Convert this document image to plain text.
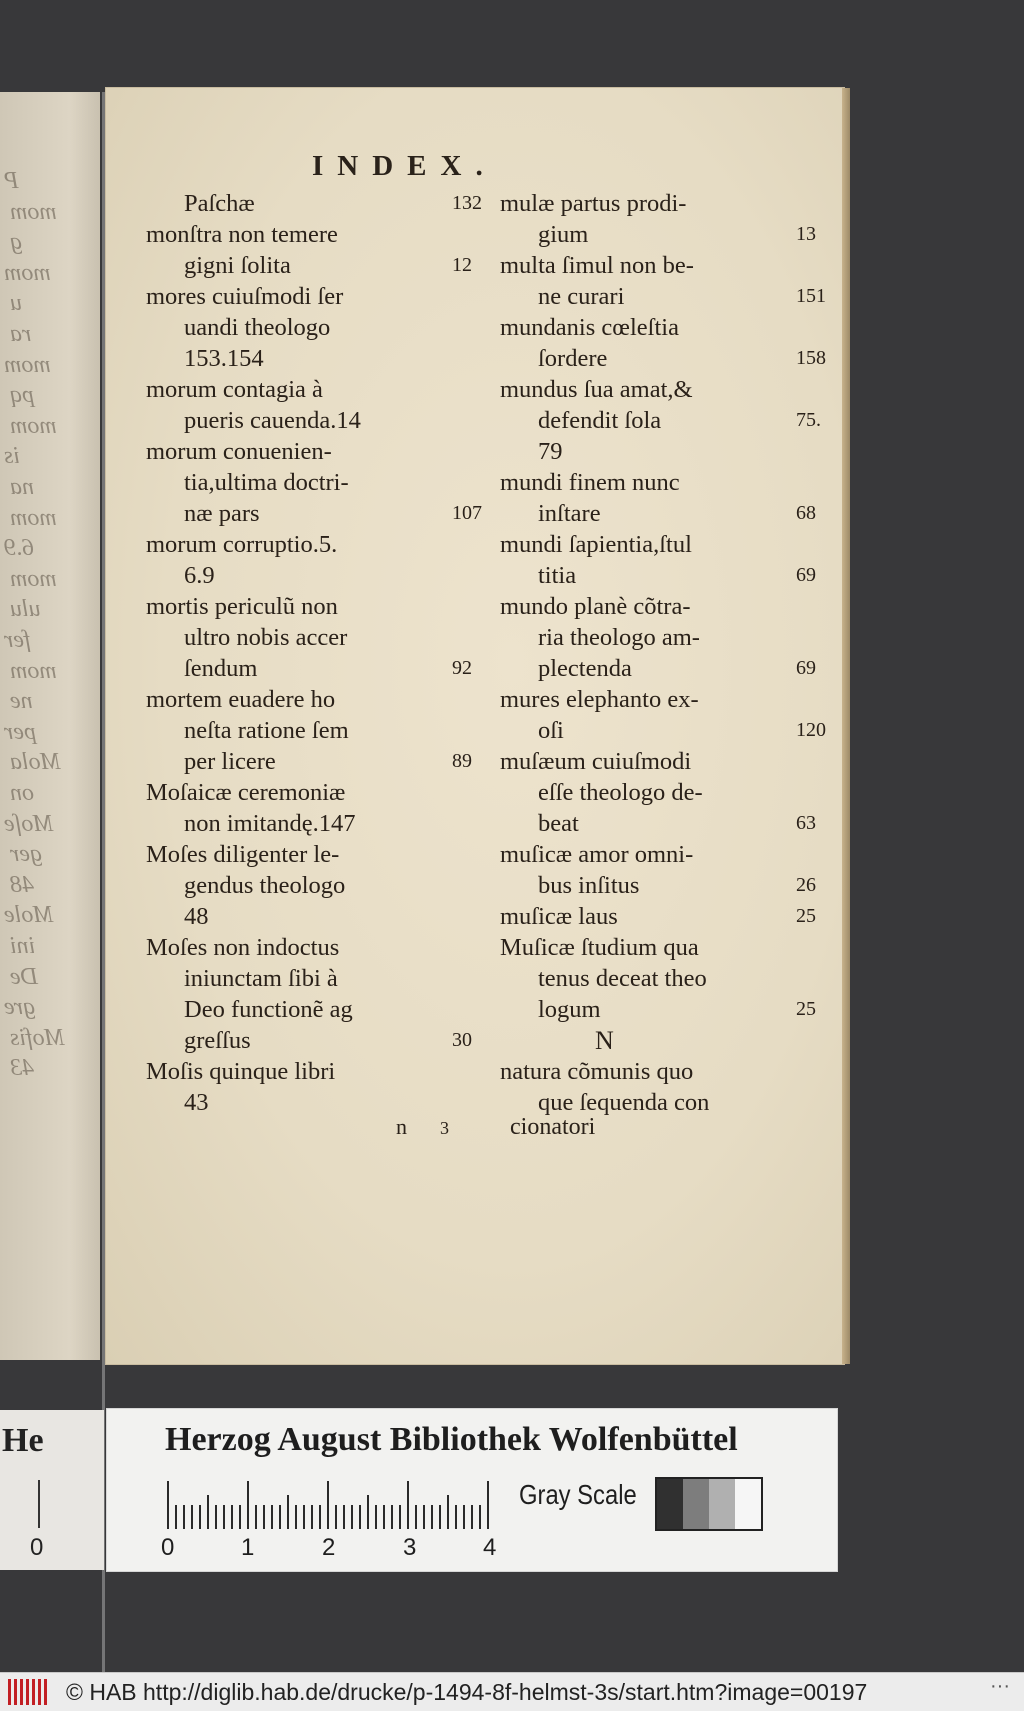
P
mom
g
mom
u
ra
mom
pq
mom
is
na
mom
6.9
mom
ulu
fer
mom
ne
per
Mola
on
Moſe
ger
48
Mole
ini
De
gre
Mofis
43
INDEX.
Paſchæ	132
monſtra non temere
gigni ſolita	12
mores cuiuſmodi ſer
uandi theologo
153.154
morum contagia à
pueris cauenda.14
morum conuenien-
tia,ultima doctri-
næ pars	107
morum corruptio.5.
6.9
mortis periculũ non
ultro nobis accer
ſendum	92
mortem euadere ho
neſta ratione ſem
per licere	89
Moſaicæ ceremoniæ
non imitandę.147
Moſes diligenter le-
gendus theologo
48
Moſes non indoctus
iniunctam ſibi à
Deo functionẽ ag
greſſus	30
Moſis quinque libri
43
mulæ partus prodi-
gium	13
multa ſimul non be-
ne curari	151
mundanis cœleſtia
ſordere	158
mundus ſua amat,&
defendit ſola	75.
79
mundi finem nunc
inſtare	68
mundi ſapientia,ſtul
titia	69
mundo planè cõtra-
ria theologo am-
plectenda	69
mures elephanto ex-
oſi	120
muſæum cuiuſmodi
eſſe theologo de-
beat	63
muſicæ amor omni-
bus inſitus	26
muſicæ laus	25
Muſicæ ſtudium qua
tenus deceat theo
logum	25
N
natura cõmunis quo
que ſequenda con
n 3	cionatori
He
0
Herzog August Bibliothek Wolfenbüttel
0	1	2	3	4
Gray Scale
© HAB http://diglib.hab.de/drucke/p-1494-8f-helmst-3s/start.htm?image=00197	···
